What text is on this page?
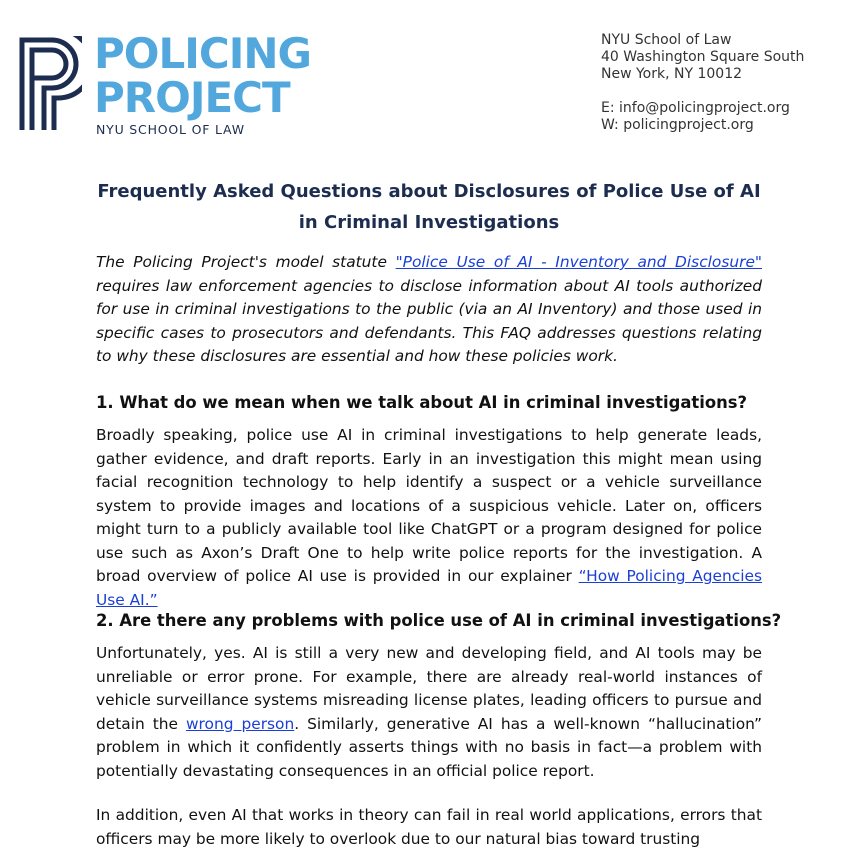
POLICING
PROJECT
NYU SCHOOL OF LAW
NYU School of Law
40 Washington Square South
New York, NY 10012
E: info@policingproject.org
W: policingproject.org
Frequently Asked Questions about Disclosures of Police Use of AI
in Criminal Investigations

The Policing Project's model statute "Police Use of AI - Inventory and Disclosure" requires law enforcement agencies to disclose information about AI tools authorized for use in criminal investigations to the public (via an AI Inventory) and those used in specific cases to prosecutors and defendants. This FAQ addresses questions relating to why these disclosures are essential and how these policies work.

1. What do we mean when we talk about AI in criminal investigations?

Broadly speaking, police use AI in criminal investigations to help generate leads, gather evidence, and draft reports. Early in an investigation this might mean using facial recognition technology to help identify a suspect or a vehicle surveillance system to provide images and locations of a suspicious vehicle. Later on, officers might turn to a publicly available tool like ChatGPT or a program designed for police use such as Axon’s Draft One to help write police reports for the investigation. A broad overview of police AI use is provided in our explainer “How Policing Agencies Use AI.”

2. Are there any problems with police use of AI in criminal investigations?

Unfortunately, yes. AI is still a very new and developing field, and AI tools may be unreliable or error prone. For example, there are already real-world instances of vehicle surveillance systems misreading license plates, leading officers to pursue and detain the wrong person. Similarly, generative AI has a well-known “hallucination” problem in which it confidently asserts things with no basis in fact—a problem with potentially devastating consequences in an official police report.

In addition, even AI that works in theory can fail in real world applications, errors that officers may be more likely to overlook due to our natural bias toward trusting
